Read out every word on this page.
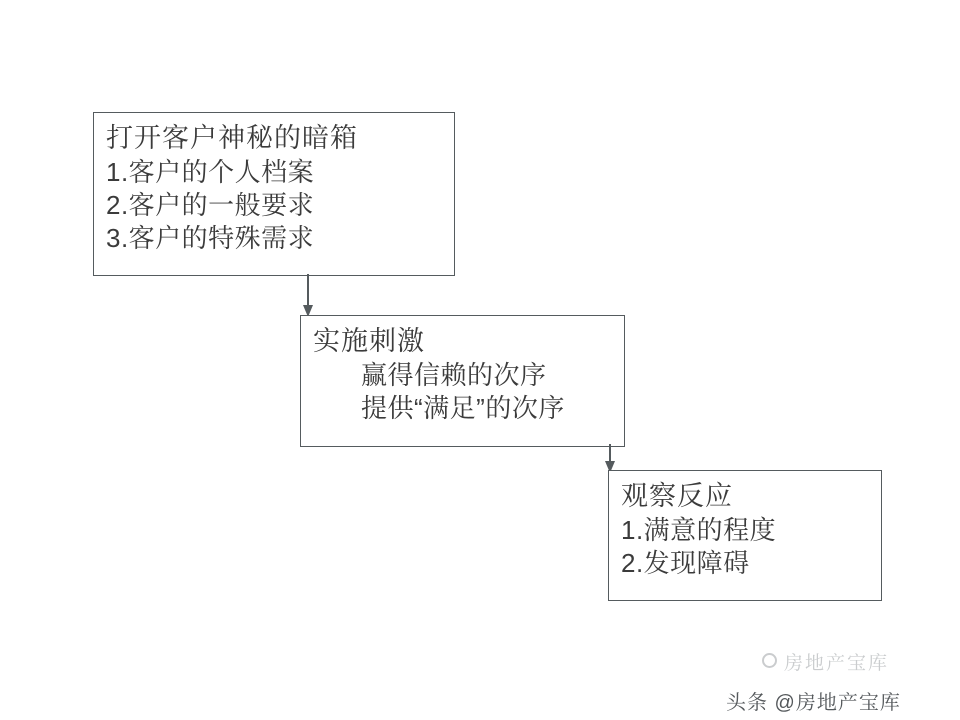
打开客户神秘的暗箱
1.客户的个人档案
2.客户的一般要求
3.客户的特殊需求
实施刺激
赢得信赖的次序
提供“满足”的次序
观察反应
1.满意的程度
2.发现障碍
房地产宝库
头条 @房地产宝库
